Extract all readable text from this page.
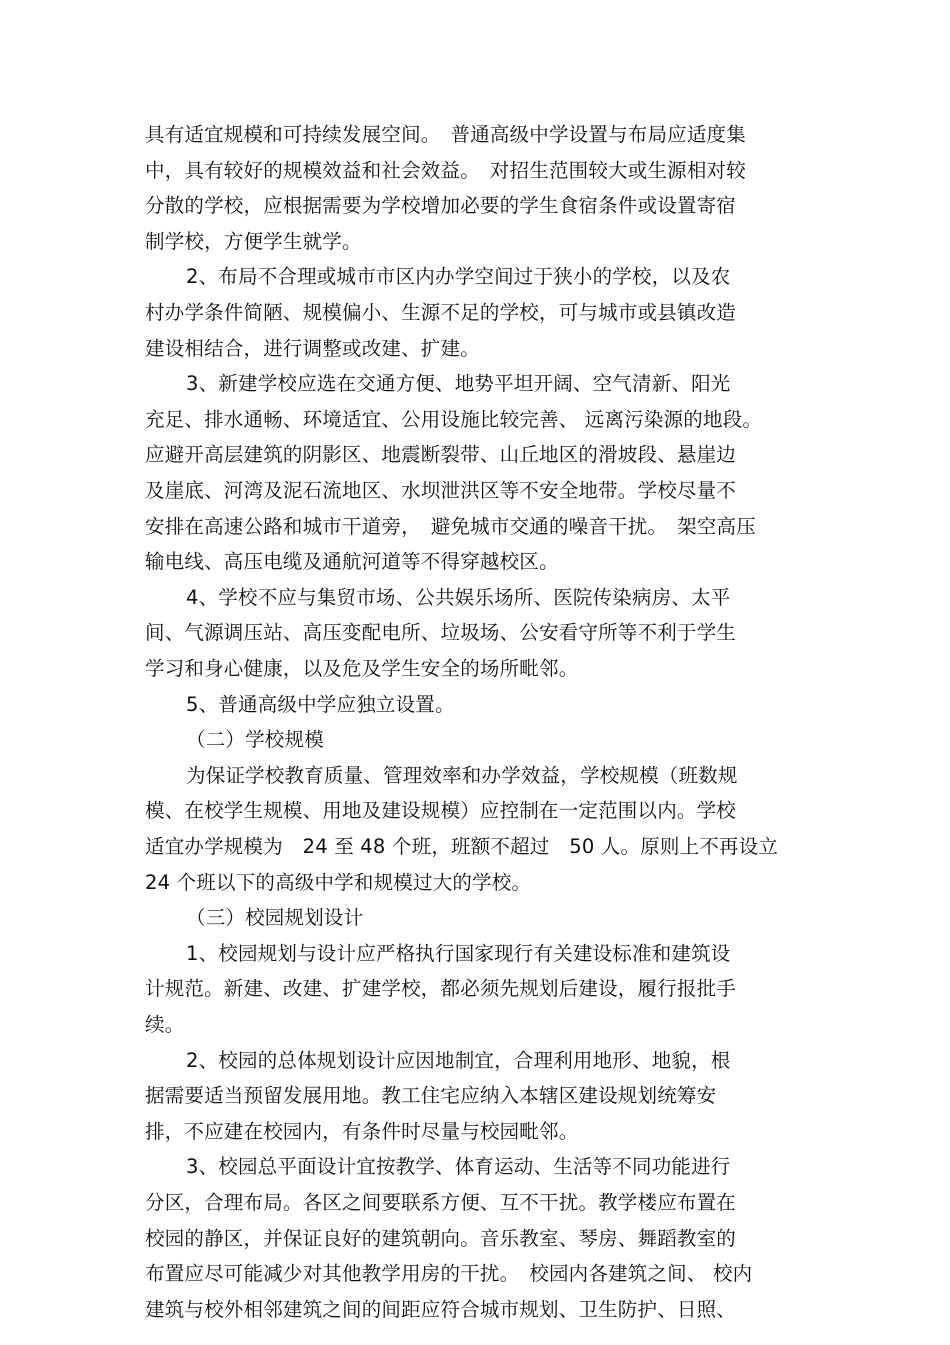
具有适宜规模和可持续发展空间。　普通高级中学设置与布局应适度集
中，具有较好的规模效益和社会效益。　对招生范围较大或生源相对较
分散的学校，应根据需要为学校增加必要的学生食宿条件或设置寄宿
制学校，方便学生就学。
2、布局不合理或城市市区内办学空间过于狭小的学校，以及农
村办学条件简陋、规模偏小、生源不足的学校，可与城市或县镇改造
建设相结合，进行调整或改建、扩建。
3、新建学校应选在交通方便、地势平坦开阔、空气清新、阳光
充足、排水通畅、环境适宜、公用设施比较完善、 远离污染源的地段。
应避开高层建筑的阴影区、地震断裂带、山丘地区的滑坡段、悬崖边
及崖底、河湾及泥石流地区、水坝泄洪区等不安全地带。学校尽量不
安排在高速公路和城市干道旁，　避免城市交通的噪音干扰。　架空高压
输电线、高压电缆及通航河道等不得穿越校区。
4、学校不应与集贸市场、公共娱乐场所、医院传染病房、太平
间、气源调压站、高压变配电所、垃圾场、公安看守所等不利于学生
学习和身心健康，以及危及学生安全的场所毗邻。
5、普通高级中学应独立设置。
（二）学校规模
为保证学校教育质量、管理效率和办学效益，学校规模（班数规
模、在校学生规模、用地及建设规模）应控制在一定范围以内。学校
适宜办学规模为　24 至 48 个班，班额不超过　50 人。原则上不再设立
24 个班以下的高级中学和规模过大的学校。
（三）校园规划设计
1、校园规划与设计应严格执行国家现行有关建设标准和建筑设
计规范。新建、改建、扩建学校，都必须先规划后建设，履行报批手
续。
2、校园的总体规划设计应因地制宜，合理利用地形、地貌，根
据需要适当预留发展用地。教工住宅应纳入本辖区建设规划统筹安
排，不应建在校园内，有条件时尽量与校园毗邻。
3、校园总平面设计宜按教学、体育运动、生活等不同功能进行
分区，合理布局。各区之间要联系方便、互不干扰。教学楼应布置在
校园的静区，并保证良好的建筑朝向。音乐教室、琴房、舞蹈教室的
布置应尽可能减少对其他教学用房的干扰。　校园内各建筑之间、 校内
建筑与校外相邻建筑之间的间距应符合城市规划、卫生防护、日照、
